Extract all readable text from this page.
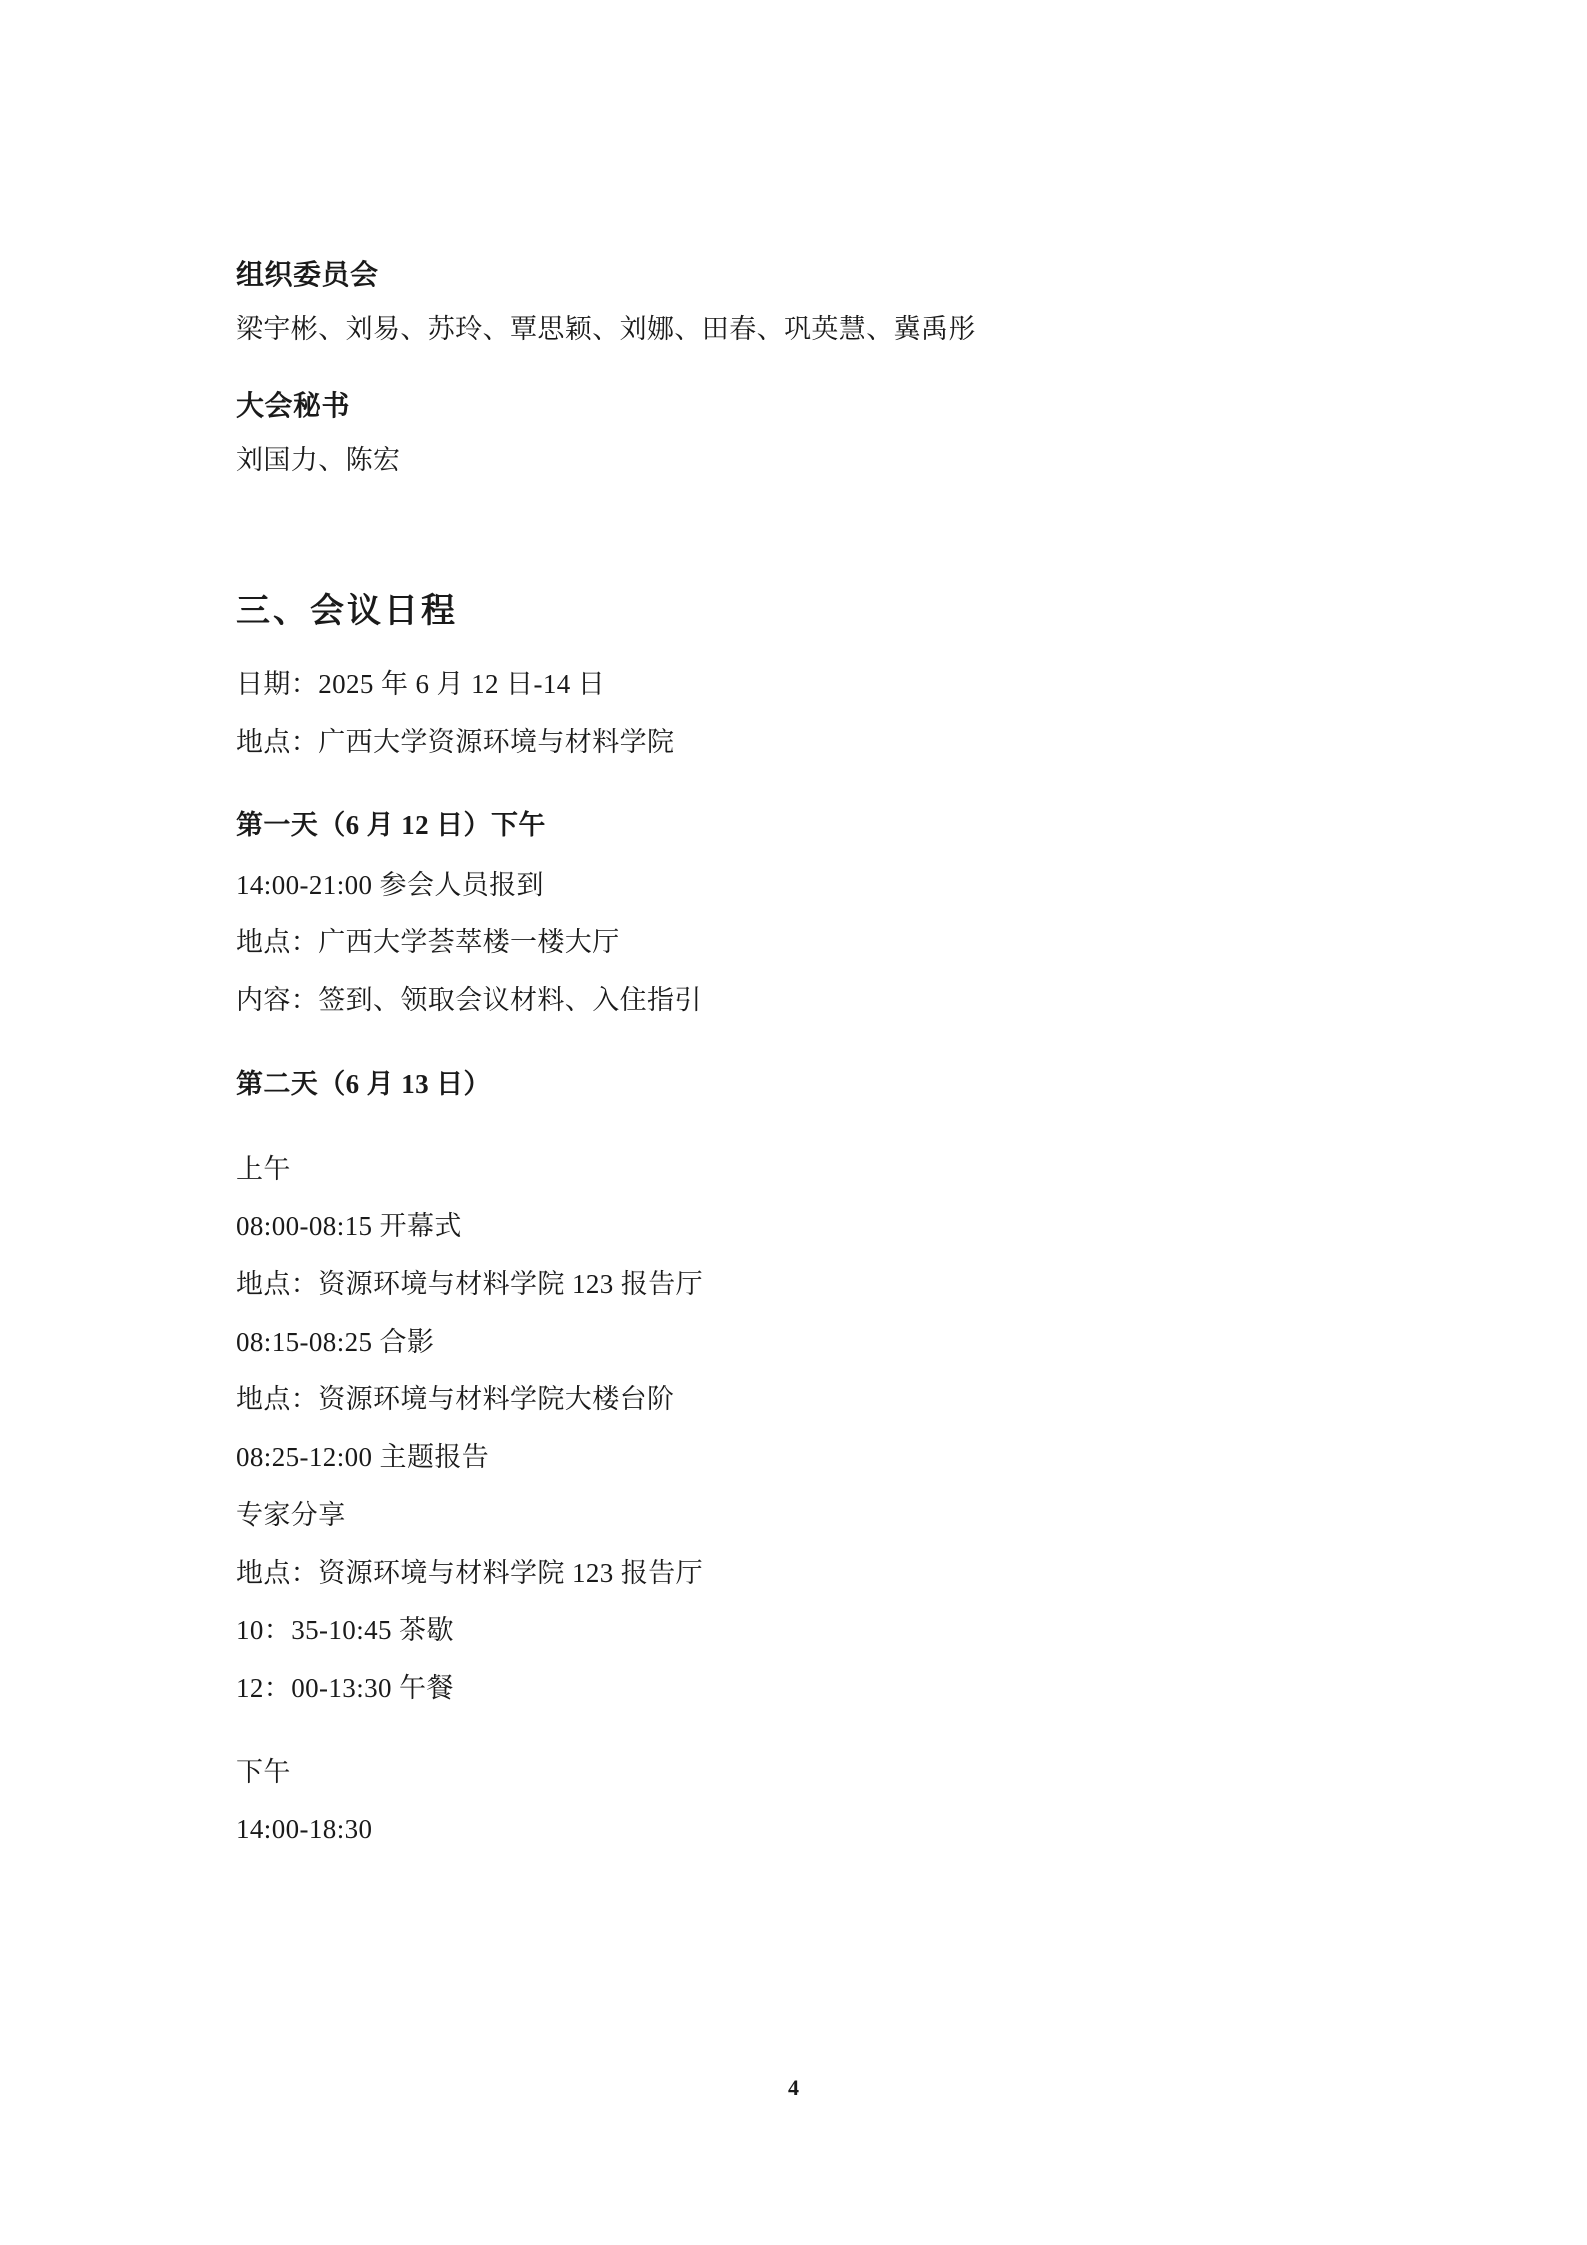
组织委员会

梁宇彬、刘易、苏玲、覃思颖、刘娜、田春、巩英慧、冀禹彤

大会秘书

刘国力、陈宏

三、会议日程

日期：2025 年 6 月 12 日-14 日

地点：广西大学资源环境与材料学院

第一天（6 月 12 日）下午

14:00-21:00 参会人员报到

地点：广西大学荟萃楼一楼大厅

内容：签到、领取会议材料、入住指引

第二天（6 月 13 日）

上午

08:00-08:15 开幕式

地点：资源环境与材料学院 123 报告厅

08:15-08:25 合影

地点：资源环境与材料学院大楼台阶

08:25-12:00 主题报告

专家分享

地点：资源环境与材料学院 123 报告厅

10：35-10:45 茶歇

12：00-13:30 午餐

下午

14:00-18:30

4
